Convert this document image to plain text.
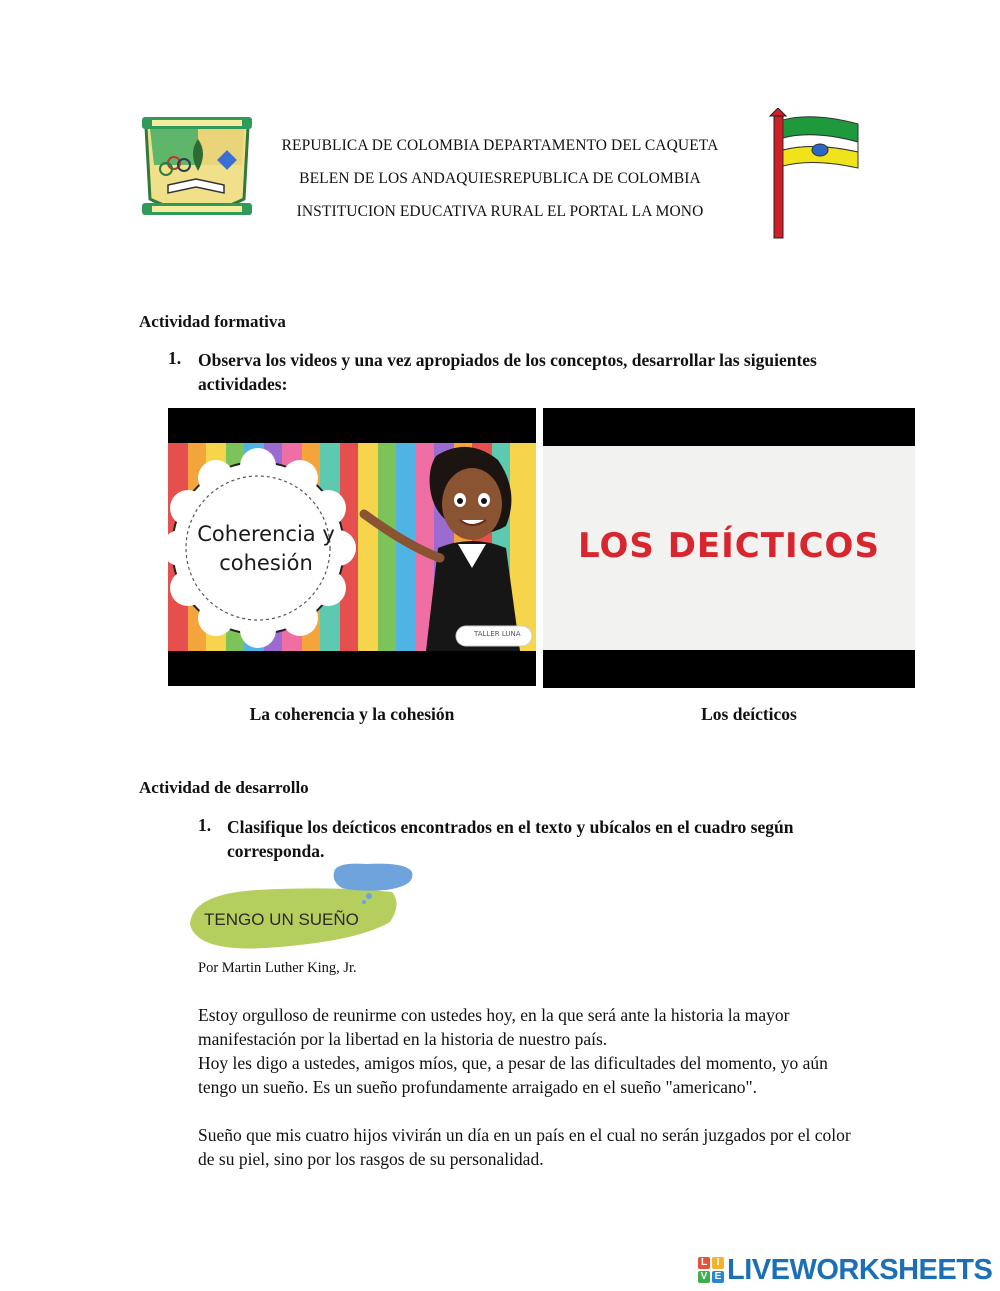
REPUBLICA DE COLOMBIA DEPARTAMENTO DEL CAQUETA
BELEN DE LOS ANDAQUIESREPUBLICA DE COLOMBIA
INSTITUCION EDUCATIVA RURAL EL PORTAL LA MONO
Actividad formativa
1. Observa los videos y una vez apropiados de los conceptos, desarrollar las siguientes actividades:
Coherencia y
cohesión
TALLER LUNA
LOS DEÍCTICOS
La coherencia y la cohesión	Los deícticos
Actividad de desarrollo
1. Clasifique los deícticos encontrados en el texto y ubícalos en el cuadro según corresponda.
TENGO UN SUEÑO
Por Martin Luther King, Jr.
Estoy orgulloso de reunirme con ustedes hoy, en la que será ante la historia la mayor manifestación por la libertad en la historia de nuestro país.
Hoy les digo a ustedes, amigos míos, que, a pesar de las dificultades del momento, yo aún tengo un sueño. Es un sueño profundamente arraigado en el sueño "americano".
Sueño que mis cuatro hijos vivirán un día en un país en el cual no serán juzgados por el color de su piel, sino por los rasgos de su personalidad.
L I
V E LIVEWORKSHEETS
